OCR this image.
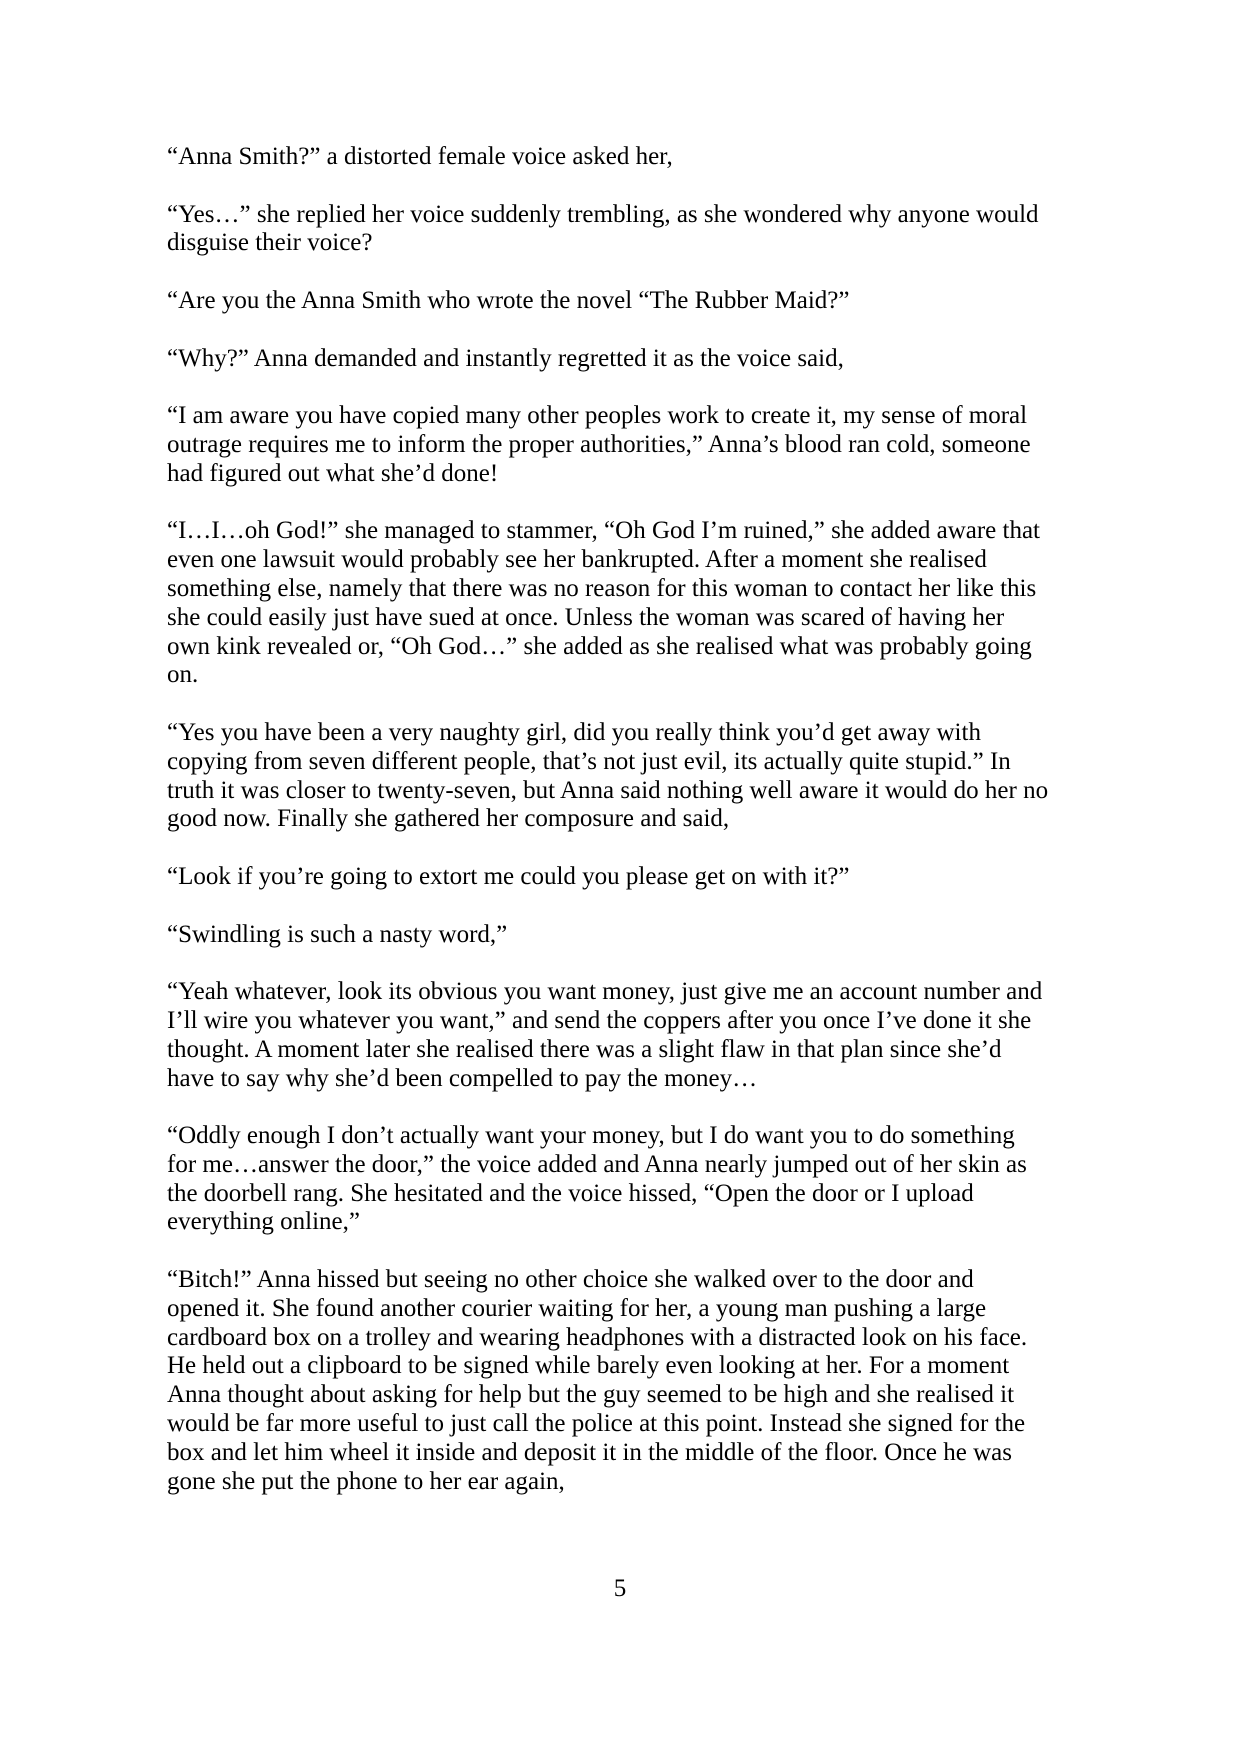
“Anna Smith?” a distorted female voice asked her,

“Yes…” she replied her voice suddenly trembling, as she wondered why anyone would disguise their voice?

“Are you the Anna Smith who wrote the novel “The Rubber Maid?”

“Why?” Anna demanded and instantly regretted it as the voice said,

“I am aware you have copied many other peoples work to create it, my sense of moral outrage requires me to inform the proper authorities,” Anna’s blood ran cold, someone had figured out what she’d done!

“I…I…oh God!” she managed to stammer, “Oh God I’m ruined,” she added aware that even one lawsuit would probably see her bankrupted. After a moment she realised something else, namely that there was no reason for this woman to contact her like this she could easily just have sued at once. Unless the woman was scared of having her own kink revealed or, “Oh God…” she added as she realised what was probably going on.

“Yes you have been a very naughty girl, did you really think you’d get away with copying from seven different people, that’s not just evil, its actually quite stupid.” In truth it was closer to twenty-seven, but Anna said nothing well aware it would do her no good now. Finally she gathered her composure and said,

“Look if you’re going to extort me could you please get on with it?”

“Swindling is such a nasty word,”

“Yeah whatever, look its obvious you want money, just give me an account number and I’ll wire you whatever you want,” and send the coppers after you once I’ve done it she thought. A moment later she realised there was a slight flaw in that plan since she’d have to say why she’d been compelled to pay the money…

“Oddly enough I don’t actually want your money, but I do want you to do something for me…answer the door,” the voice added and Anna nearly jumped out of her skin as the doorbell rang. She hesitated and the voice hissed, “Open the door or I upload everything online,”

“Bitch!” Anna hissed but seeing no other choice she walked over to the door and opened it. She found another courier waiting for her, a young man pushing a large cardboard box on a trolley and wearing headphones with a distracted look on his face. He held out a clipboard to be signed while barely even looking at her. For a moment Anna thought about asking for help but the guy seemed to be high and she realised it would be far more useful to just call the police at this point. Instead she signed for the box and let him wheel it inside and deposit it in the middle of the floor. Once he was gone she put the phone to her ear again,

5
